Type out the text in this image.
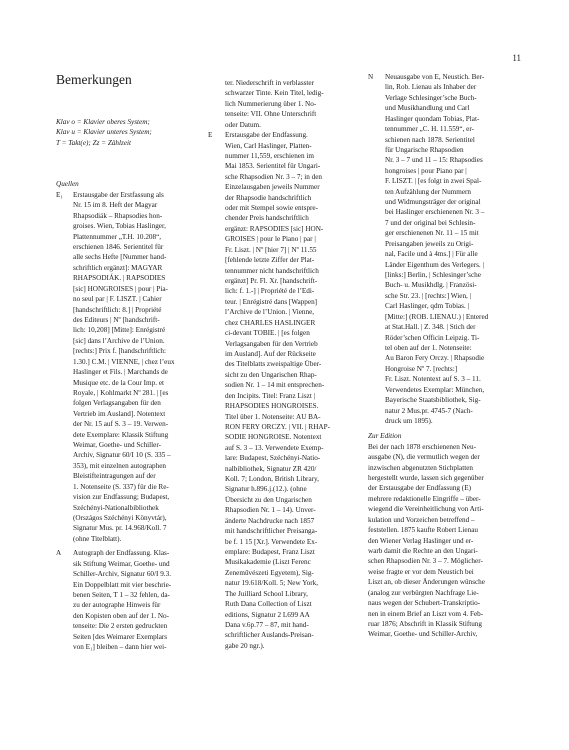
11
Bemerkungen

Klav o = Klavier oberes System;

Klav u = Klavier unteres System;

T = Takt(e); Zz = Zählzeit

Quellen

E₁	Erstausgabe der Erstfassung als

Nr. 15 im 8. Heft der Magyar

Rhapsodiák – Rhapsodies hon-

groises. Wien, Tobias Haslinger,

Plattennummer „T.H. 10.208“,

erschienen 1846. Serientitel für

alle sechs Hefte [Nummer hand-

schriftlich ergänzt]: MAGYAR

RHAPSODIÁK. | RAPSODIES

[sic] HONGROISES | pour | Pia-

no seul par | F. LISZT. | Cahier

[handschriftlich: 8.] | Propriété

des Editeurs | Nº [handschrift-

lich: 10,208] [Mitte]: Enrégistré

[sic] dans l’Archive de l’Union.

[rechts:] Prix f. [handschriftlich:

1.30.] C.M. | VIENNE, | chez l’eux

Haslinger et Fils. | Marchands de

Musique etc. de la Cour Imp. et

Royale, | Kohlmarkt Nº 281. | [es

folgen Verlagsangaben für den

Vertrieb im Ausland]. Notentext

der Nr. 15 auf S. 3 – 19. Verwen-

dete Exemplare: Klassik Stiftung

Weimar, Goethe- und Schiller-

Archiv, Signatur 60/I 10 (S. 335 –

353), mit einzelnen autographen

Bleistifteintragungen auf der

1. Notenseite (S. 337) für die Re-

vision zur Endfassung; Budapest,

Széchényi-Nationalbibliothek

(Országos Széchényi Könyvtár),

Signatur Mus. pr. 14.968/Koll. 7

(ohne Titelblatt).

A	Autograph der Endfassung. Klas-

sik Stiftung Weimar, Goethe- und

Schiller-Archiv, Signatur 60/I 9.3.

Ein Doppelblatt mit vier beschrie-

benen Seiten, T 1 – 32 fehlen, da-

zu der autographe Hinweis für

den Kopisten oben auf der 1. No-

tenseite: Die 2 ersten gedruckten

Seiten [des Weimarer Exemplars

von E₁] bleiben – dann hier wei-

ter. Niederschrift in verblasster

schwarzer Tinte. Kein Titel, ledig-

lich Nummerierung über 1. No-

tenseite: VII. Ohne Unterschrift

oder Datum.

E	Erstausgabe der Endfassung.

Wien, Carl Haslinger, Platten-

nummer 11,559, erschienen im

Mai 1853. Serientitel für Ungari-

sche Rhapsodien Nr. 3 – 7; in den

Einzelausgaben jeweils Nummer

der Rhapsodie handschriftlich

oder mit Stempel sowie entspre-

chender Preis handschriftlich

ergänzt: RAPSODIES [sic] HON-

GROISES | pour le Piano | par |

Fr. Liszt. | Nº [hier 7] | Nº 11.55

[fehlende letzte Ziffer der Plat-

tennummer nicht handschriftlich

ergänzt] Pr. Fl. Xr. [handschrift-

lich: f. 1.-] | Propriété de l’Edi-

teur. | Enrégistré dans [Wappen]

l’Archive de l’Union. | Vienne,

chez CHARLES HASLINGER

ci-devant TOBIE. | [es folgen

Verlagsangaben für den Vertrieb

im Ausland]. Auf der Rückseite

des Titelblatts zweispaltige Über-

sicht zu den Ungarischen Rhap-

sodien Nr. 1 – 14 mit entsprechen-

den Incipits. Titel: Franz Liszt |

RHAPSODIES HONGROISES.

Titel über 1. Notenseite: AU BA-

RON FERY ORCZY. | VII. | RHAP-

SODIE HONGROISE. Notentext

auf S. 3 – 13. Verwendete Exemp-

lare: Budapest, Széchényi-Natio-

nalbibliothek, Signatur ZR 420/

Koll. 7; London, British Library,

Signatur h.896.j.(12.). (ohne

Übersicht zu den Ungarischen

Rhapsodien Nr. 1 – 14). Unver-

änderte Nachdrucke nach 1857

mit handschriftlicher Preisanga-

be f. 1 15 [Xr.]. Verwendete Ex-

emplare: Budapest, Franz Liszt

Musikakademie (Liszt Ferenc

Zeneművészeti Egyetem), Sig-

natur 19.618/Koll. 5; New York,

The Juilliard School Library,

Ruth Dana Collection of Liszt

editions, Signatur 2 L699 AA

Dana v.6p.77 – 87, mit hand-

schriftlicher Auslands-Preisan-

gabe 20 ngr.).

N	Neuausgabe von E, Neustich. Ber-

lin, Rob. Lienau als Inhaber der

Verlage Schlesinger’sche Buch-

und Musikhandlung und Carl

Haslinger quondam Tobias, Plat-

tennummer „C. H. 11.559“, er-

schienen nach 1878. Serientitel

für Ungarische Rhapsodien

Nr. 3 – 7 und 11 – 15: Rhapsodies

hongroises | pour Piano par |

F. LISZT. | [es folgt in zwei Spal-

ten Aufzählung der Nummern

und Widmungsträger der original

bei Haslinger erschienenen Nr. 3 –

7 und der original bei Schlesin-

ger erschienenen Nr. 11 – 15 mit

Preisangaben jeweils zu Origi-

nal, Facile und à 4ms.] | Für alle

Länder Eigenthum des Verlegers. |

[links:] Berlin, | Schlesinger’sche

Buch- u. Musikhdlg. | Französi-

sche Str. 23. | [rechts:] Wien, |

Carl Haslinger, qdm Tobias. |

[Mitte:] (ROB. LIENAU.) | Entered

at Stat.Hall. | Z. 348. | Stich der

Röder’schen Officin Leipzig. Ti-

tel oben auf der 1. Notenseite:

Au Baron Fery Orczy. | Rhapsodie

Hongroise Nº 7. [rechts:]

Fr. Liszt. Notentext auf S. 3 – 11.

Verwendetes Exemplar: München,

Bayerische Staatsbibliothek, Sig-

natur 2 Mus.pr. 4745-7 (Nach-

druck um 1895).

Zur Edition

Bei der nach 1878 erschienenen Neu-

ausgabe (N), die vermutlich wegen der

inzwischen abgenutzten Stichplatten

hergestellt wurde, lassen sich gegenüber

der Erstausgabe der Endfassung (E)

mehrere redaktionelle Eingriffe – über-

wiegend die Vereinheitlichung von Arti-

kulation und Vorzeichen betreffend –

feststellen. 1875 kaufte Robert Lienau

den Wiener Verlag Haslinger und er-

warb damit die Rechte an den Ungari-

schen Rhapsodien Nr. 3 – 7. Möglicher-

weise fragte er vor dem Neustich bei

Liszt an, ob dieser Änderungen wünsche

(analog zur verbürgten Nachfrage Lie-

naus wegen der Schubert-Transkriptio-

nen in einem Brief an Liszt vom 4. Feb-

ruar 1876; Abschrift in Klassik Stiftung

Weimar, Goethe- und Schiller-Archiv,
